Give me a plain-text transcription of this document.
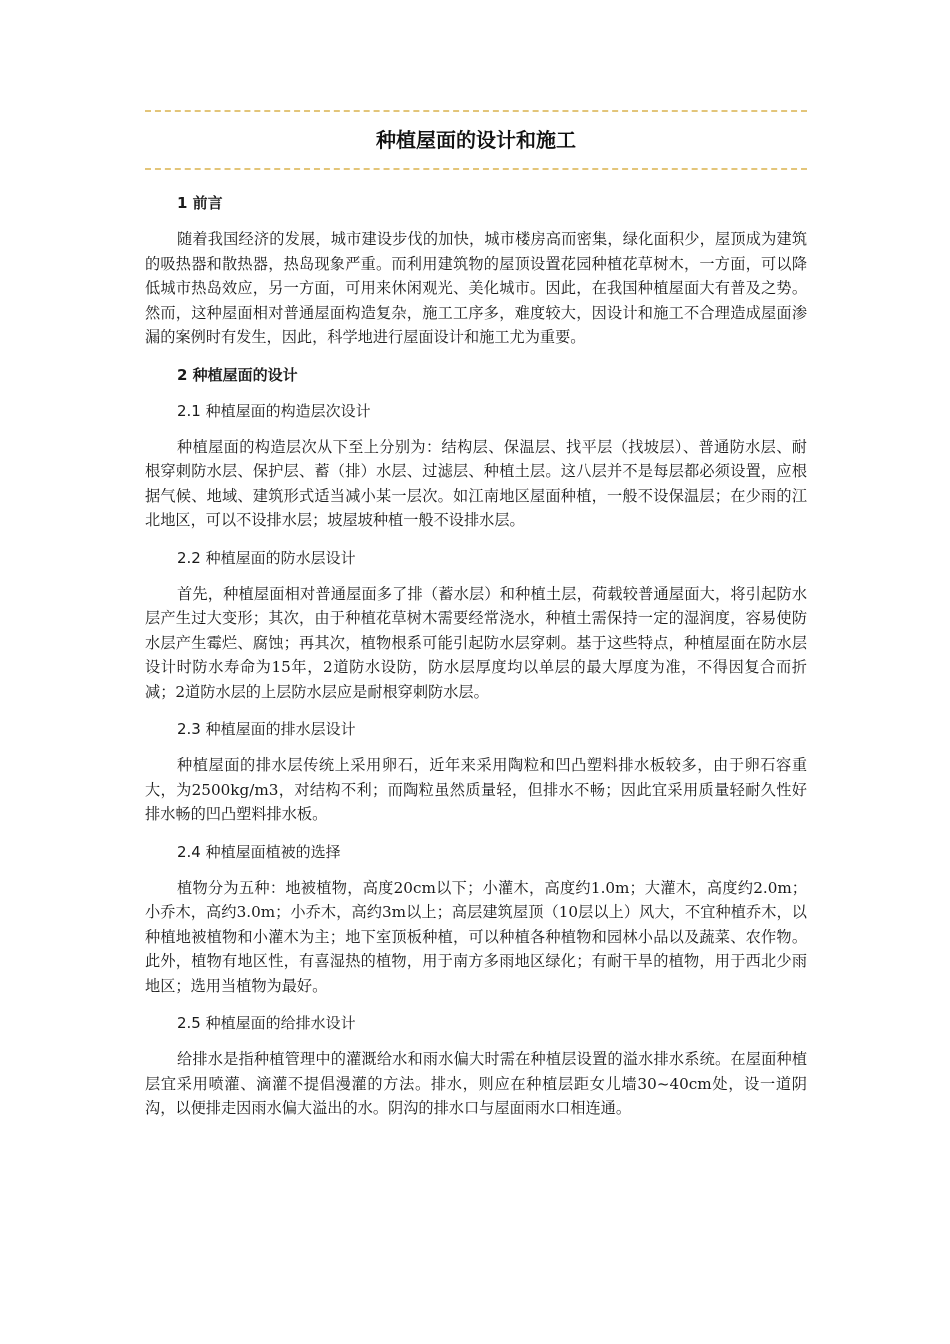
种植屋面的设计和施工

1 前言

随着我国经济的发展，城市建设步伐的加快，城市楼房高而密集，绿化面积少，屋顶成为建筑的吸热器和散热器，热岛现象严重。而利用建筑物的屋顶设置花园种植花草树木，一方面，可以降低城市热岛效应，另一方面，可用来休闲观光、美化城市。因此，在我国种植屋面大有普及之势。然而，这种屋面相对普通屋面构造复杂，施工工序多，难度较大，因设计和施工不合理造成屋面渗漏的案例时有发生，因此，科学地进行屋面设计和施工尤为重要。

2 种植屋面的设计

2.1 种植屋面的构造层次设计

种植屋面的构造层次从下至上分别为：结构层、保温层、找平层（找坡层）、普通防水层、耐根穿刺防水层、保护层、蓄（排）水层、过滤层、种植土层。这八层并不是每层都必须设置，应根据气候、地域、建筑形式适当减小某一层次。如江南地区屋面种植，一般不设保温层；在少雨的江北地区，可以不设排水层；坡屋坡种植一般不设排水层。

2.2 种植屋面的防水层设计

首先，种植屋面相对普通屋面多了排（蓄水层）和种植土层，荷载较普通屋面大，将引起防水层产生过大变形；其次，由于种植花草树木需要经常浇水，种植土需保持一定的湿润度，容易使防水层产生霉烂、腐蚀；再其次，植物根系可能引起防水层穿刺。基于这些特点，种植屋面在防水层设计时防水寿命为15年，2道防水设防，防水层厚度均以单层的最大厚度为准，不得因复合而折减；2道防水层的上层防水层应是耐根穿刺防水层。

2.3 种植屋面的排水层设计

种植屋面的排水层传统上采用卵石，近年来采用陶粒和凹凸塑料排水板较多，由于卵石容重大，为2500kg/m3，对结构不利；而陶粒虽然质量轻，但排水不畅；因此宜采用质量轻耐久性好排水畅的凹凸塑料排水板。

2.4 种植屋面植被的选择

植物分为五种：地被植物，高度20cm以下；小灌木，高度约1.0m；大灌木，高度约2.0m；小乔木，高约3.0m；小乔木，高约3m以上；高层建筑屋顶（10层以上）风大，不宜种植乔木，以种植地被植物和小灌木为主；地下室顶板种植，可以种植各种植物和园林小品以及蔬菜、农作物。此外，植物有地区性，有喜湿热的植物，用于南方多雨地区绿化；有耐干旱的植物，用于西北少雨地区；选用当植物为最好。

2.5 种植屋面的给排水设计

给排水是指种植管理中的灌溉给水和雨水偏大时需在种植层设置的溢水排水系统。在屋面种植层宜采用喷灌、滴灌不提倡漫灌的方法。排水，则应在种植层距女儿墙30~40cm处，设一道阴沟，以便排走因雨水偏大溢出的水。阴沟的排水口与屋面雨水口相连通。
